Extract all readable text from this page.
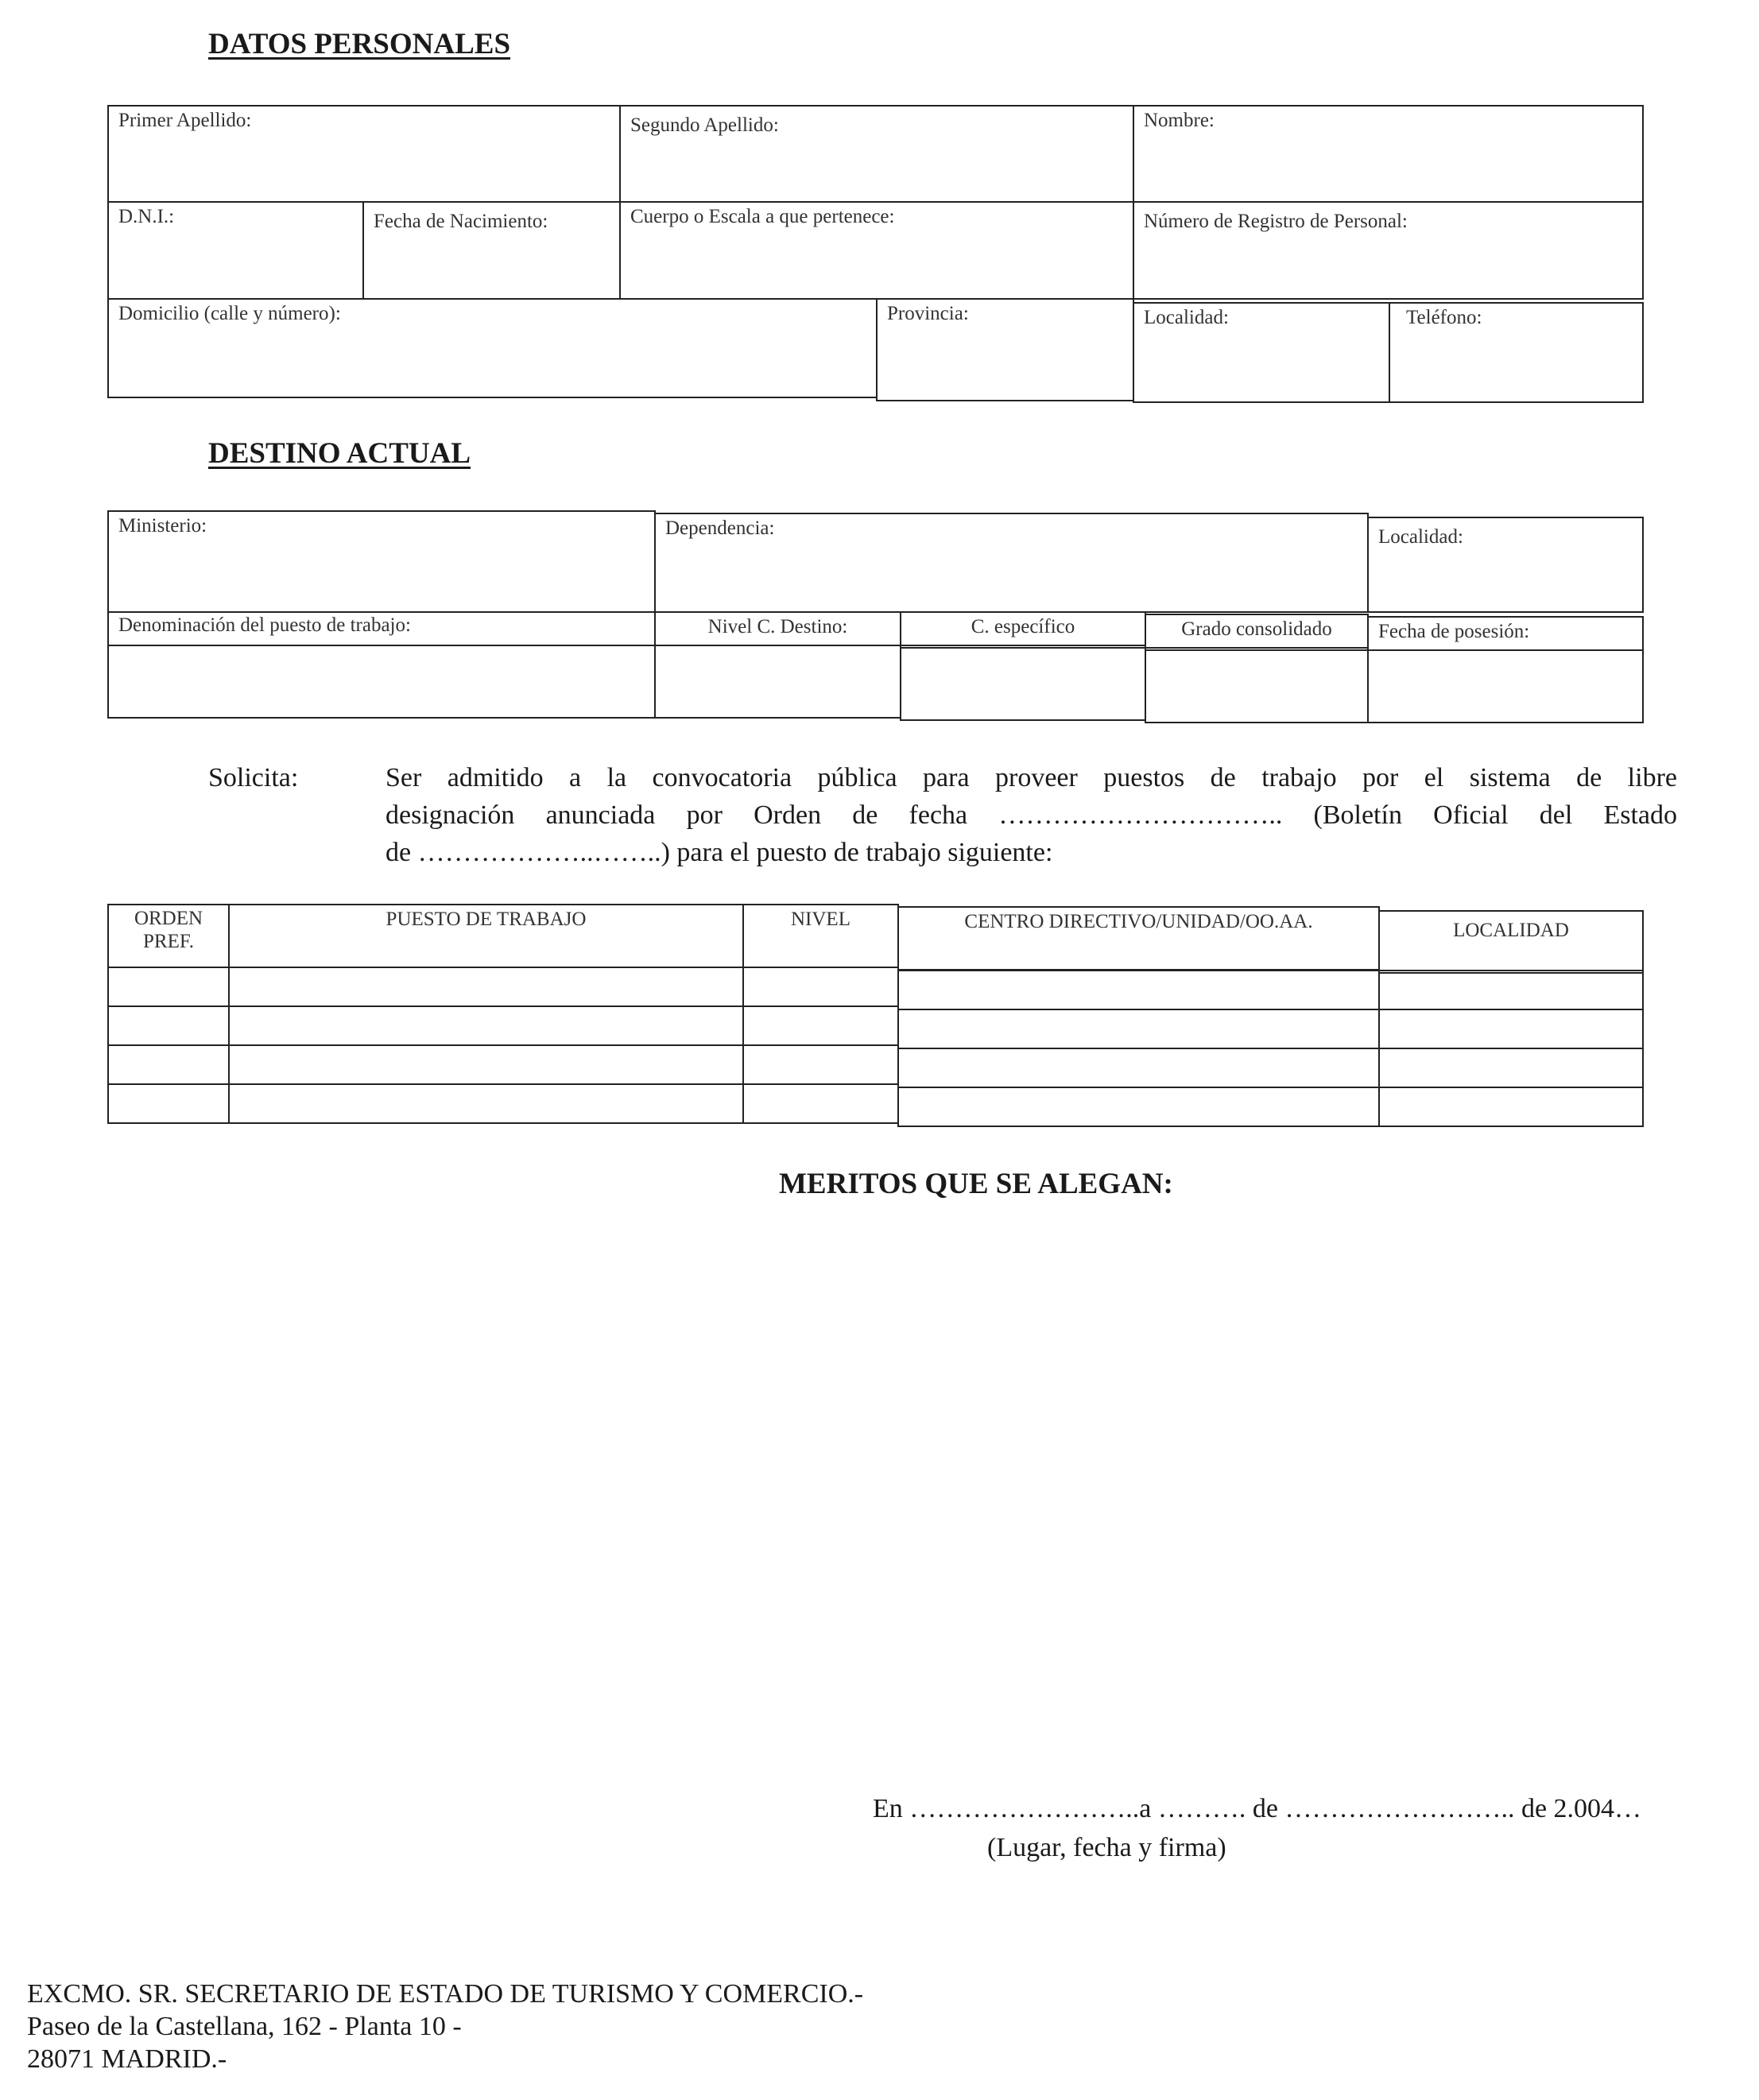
DATOS PERSONALES
Primer Apellido:	Segundo Apellido:	Nombre:
D.N.I.:	Fecha de Nacimiento:	Cuerpo o Escala a que pertenece:	Número de Registro de Personal:
Domicilio (calle y número):	Provincia:	Localidad:	Teléfono:
DESTINO ACTUAL
Ministerio:	Dependencia:	Localidad:
Denominación del puesto de trabajo:	Nivel C. Destino:	C. específico	Grado consolidado	Fecha de posesión:
Solicita:	Ser admitido a la convocatoria pública para proveer puestos de trabajo por el sistema de libre
designación anunciada por Orden de fecha ………………………….. (Boletín Oficial del Estado
de ………………..……..) para el puesto de trabajo siguiente:
ORDEN PREF.
PUESTO DE TRABAJO	NIVEL	CENTRO DIRECTIVO/UNIDAD/OO.AA.	LOCALIDAD
MERITOS QUE SE ALEGAN:
En ……………………..a ………. de …………………….. de 2.004…
(Lugar, fecha y firma)
EXCMO. SR. SECRETARIO DE ESTADO DE TURISMO Y COMERCIO.-
Paseo de la Castellana, 162 - Planta 10 -
28071 MADRID.-
